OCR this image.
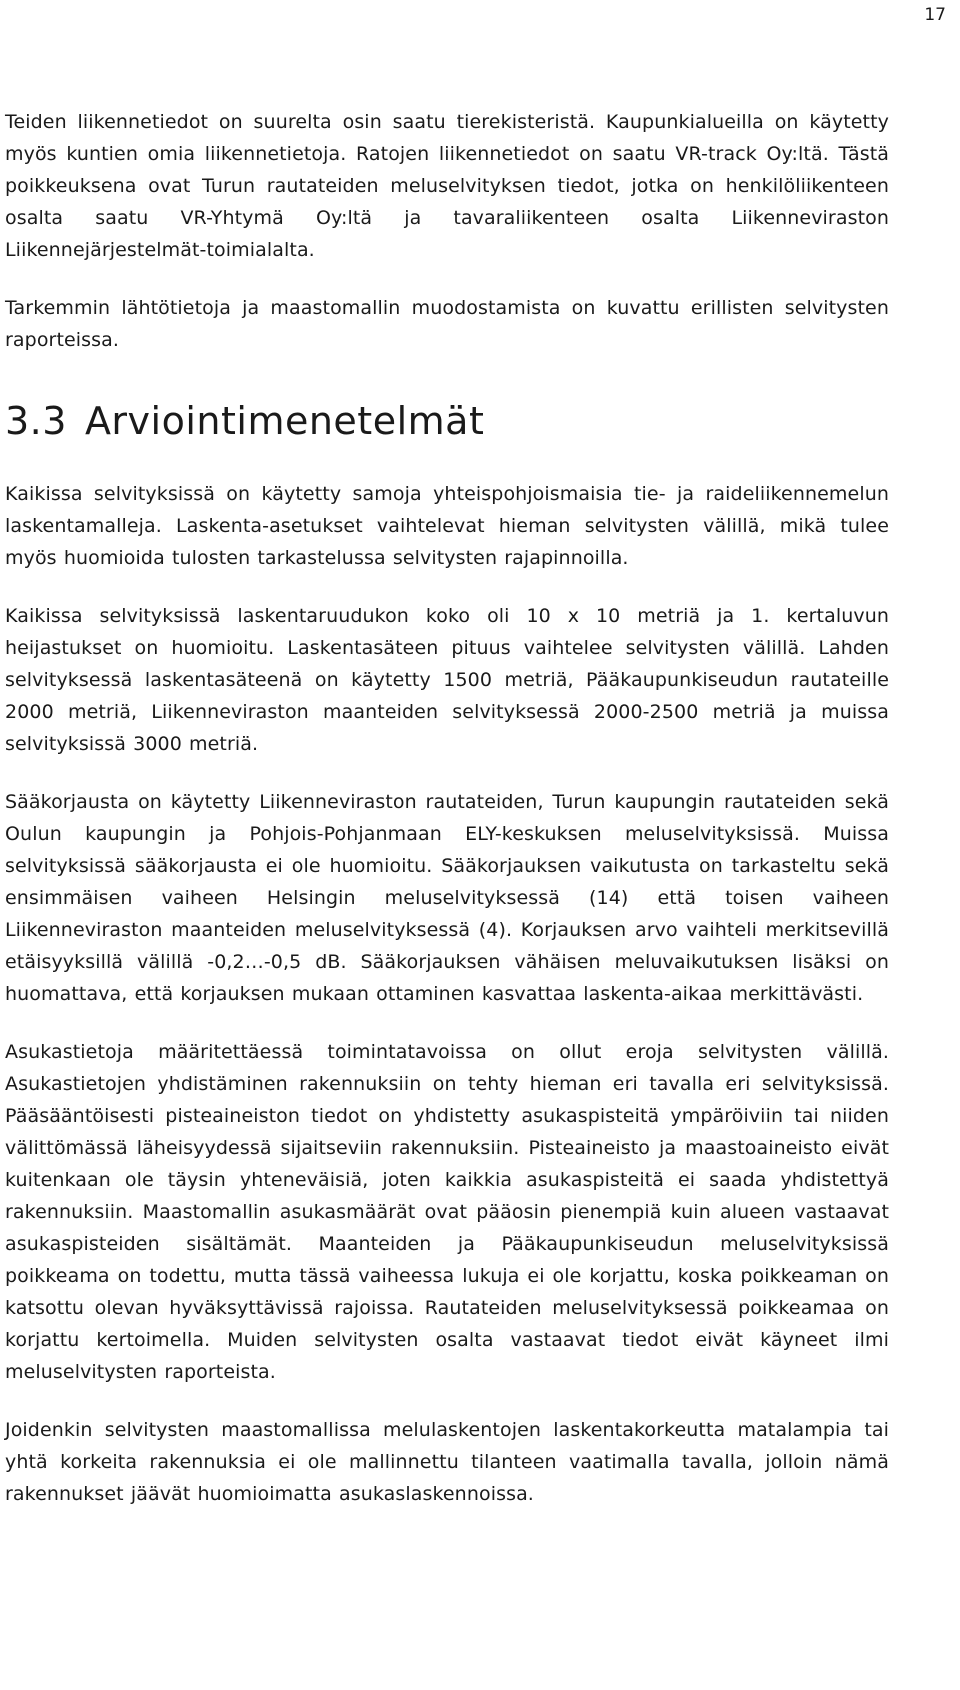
17

Teiden liikennetiedot on suurelta osin saatu tierekisteristä. Kaupunkialueilla on käytetty myös kuntien omia liikennetietoja. Ratojen liikennetiedot on saatu VR-track Oy:ltä. Tästä poikkeuksena ovat Turun rautateiden meluselvityksen tiedot, jotka on henkilöliikenteen osalta saatu VR-Yhtymä Oy:ltä ja tavaraliikenteen osalta Liikenneviraston Liikennejärjestelmät-toimialalta.

Tarkemmin lähtötietoja ja maastomallin muodostamista on kuvattu erillisten selvitysten raporteissa.

3.3 Arviointimenetelmät

Kaikissa selvityksissä on käytetty samoja yhteispohjoismaisia tie- ja raideliikennemelun laskentamalleja. Laskenta-asetukset vaihtelevat hieman selvitysten välillä, mikä tulee myös huomioida tulosten tarkastelussa selvitysten rajapinnoilla.

Kaikissa selvityksissä laskentaruudukon koko oli 10 x 10 metriä ja 1. kertaluvun heijastukset on huomioitu. Laskentasäteen pituus vaihtelee selvitysten välillä. Lahden selvityksessä laskentasäteenä on käytetty 1500 metriä, Pääkaupunkiseudun rautateille 2000 metriä, Liikenneviraston maanteiden selvityksessä 2000-2500 metriä ja muissa selvityksissä 3000 metriä.

Sääkorjausta on käytetty Liikenneviraston rautateiden, Turun kaupungin rautateiden sekä Oulun kaupungin ja Pohjois-Pohjanmaan ELY-keskuksen meluselvityksissä. Muissa selvityksissä sääkorjausta ei ole huomioitu. Sääkorjauksen vaikutusta on tarkasteltu sekä ensimmäisen vaiheen Helsingin meluselvityksessä (14) että toisen vaiheen Liikenneviraston maanteiden meluselvityksessä (4). Korjauksen arvo vaihteli merkitsevillä etäisyyksillä välillä -0,2…-0,5 dB. Sääkorjauksen vähäisen meluvaikutuksen lisäksi on huomattava, että korjauksen mukaan ottaminen kasvattaa laskenta-aikaa merkittävästi.

Asukastietoja määritettäessä toimintatavoissa on ollut eroja selvitysten välillä. Asukastietojen yhdistäminen rakennuksiin on tehty hieman eri tavalla eri selvityksissä. Pääsääntöisesti pisteaineiston tiedot on yhdistetty asukaspisteitä ympäröiviin tai niiden välittömässä läheisyydessä sijaitseviin rakennuksiin. Pisteaineisto ja maastoaineisto eivät kuitenkaan ole täysin yhteneväisiä, joten kaikkia asukaspisteitä ei saada yhdistettyä rakennuksiin. Maastomallin asukasmäärät ovat pääosin pienempiä kuin alueen vastaavat asukaspisteiden sisältämät. Maanteiden ja Pääkaupunkiseudun meluselvityksissä poikkeama on todettu, mutta tässä vaiheessa lukuja ei ole korjattu, koska poikkeaman on katsottu olevan hyväksyttävissä rajoissa. Rautateiden meluselvityksessä poikkeamaa on korjattu kertoimella. Muiden selvitysten osalta vastaavat tiedot eivät käyneet ilmi meluselvitysten raporteista.

Joidenkin selvitysten maastomallissa melulaskentojen laskentakorkeutta matalampia tai yhtä korkeita rakennuksia ei ole mallinnettu tilanteen vaatimalla tavalla, jolloin nämä rakennukset jäävät huomioimatta asukaslaskennoissa.
